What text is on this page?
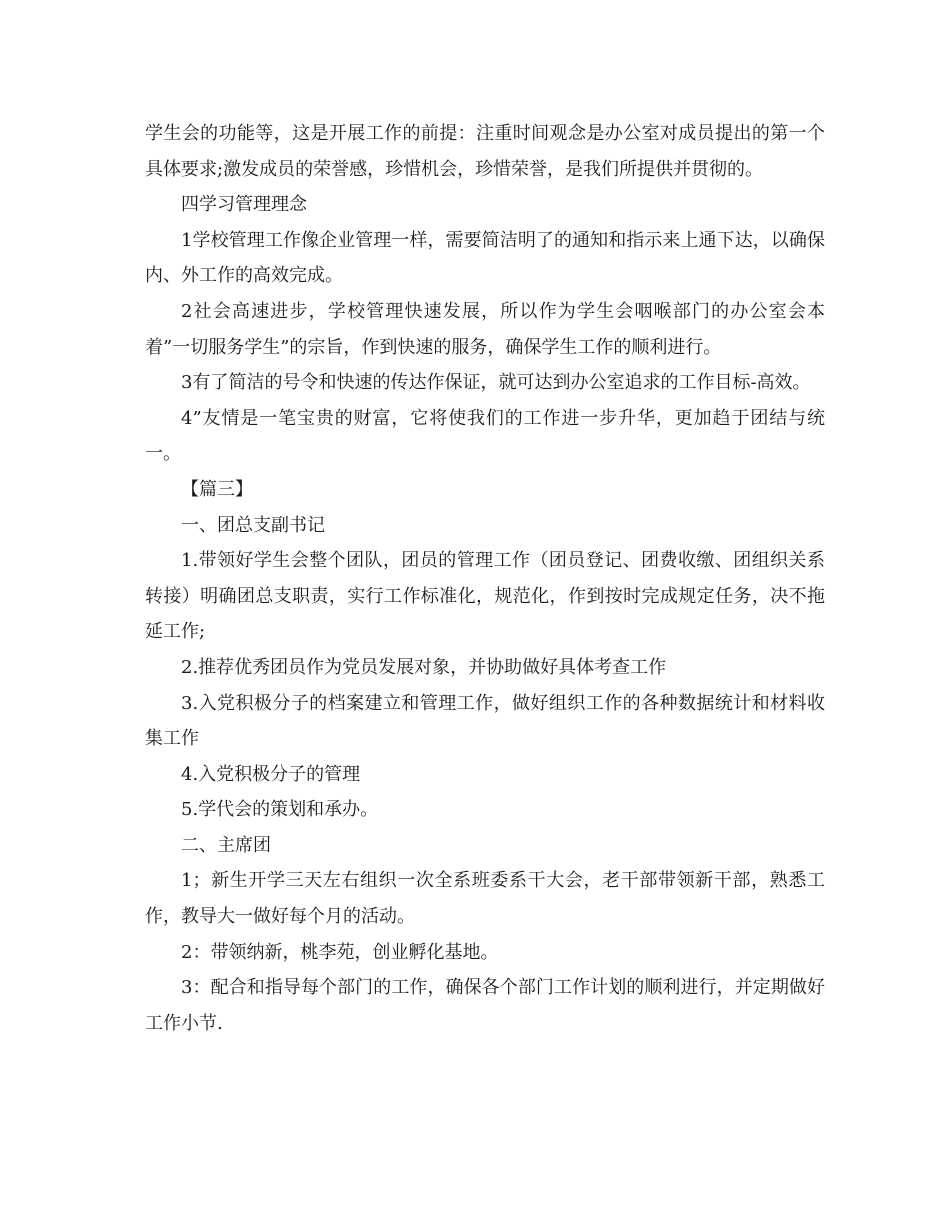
学生会的功能等，这是开展工作的前提：注重时间观念是办公室对成员提出的第一个具体要求;激发成员的荣誉感，珍惜机会，珍惜荣誉，是我们所提供并贯彻的。

四学习管理理念

1学校管理工作像企业管理一样，需要简洁明了的通知和指示来上通下达，以确保内、外工作的高效完成。

2社会高速进步，学校管理快速发展，所以作为学生会咽喉部门的办公室会本着”一切服务学生”的宗旨，作到快速的服务，确保学生工作的顺利进行。

3有了简洁的号令和快速的传达作保证，就可达到办公室追求的工作目标-高效。

4”友情是一笔宝贵的财富，它将使我们的工作进一步升华，更加趋于团结与统一。

【篇三】

一、团总支副书记

1.带领好学生会整个团队，团员的管理工作（团员登记、团费收缴、团组织关系转接）明确团总支职责，实行工作标准化，规范化，作到按时完成规定任务，决不拖延工作;

2.推荐优秀团员作为党员发展对象，并协助做好具体考查工作

3.入党积极分子的档案建立和管理工作，做好组织工作的各种数据统计和材料收集工作

4.入党积极分子的管理

5.学代会的策划和承办。

二、主席团

1；新生开学三天左右组织一次全系班委系干大会，老干部带领新干部，熟悉工作，教导大一做好每个月的活动。

2：带领纳新，桃李苑，创业孵化基地。

3：配合和指导每个部门的工作，确保各个部门工作计划的顺利进行，并定期做好工作小节.
